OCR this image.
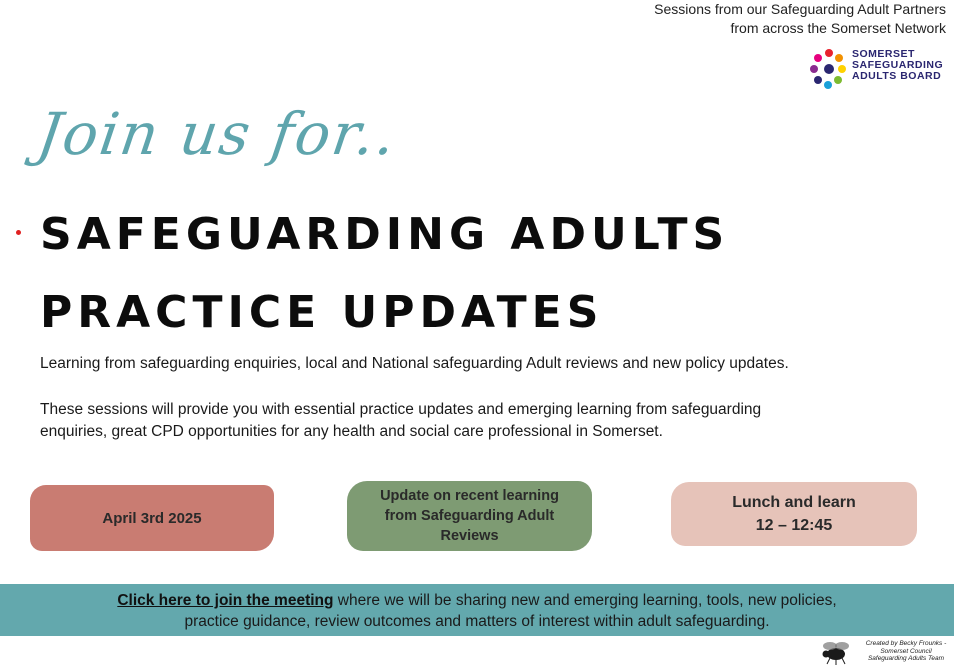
Sessions from our Safeguarding Adult Partners
from across the Somerset Network
SOMERSET
SAFEGUARDING
ADULTS BOARD
Join us for..
SAFEGUARDING ADULTS
PRACTICE UPDATES
Learning from safeguarding enquiries, local and National safeguarding Adult reviews and new policy updates.
These sessions will provide you with essential practice updates and emerging learning from safeguarding
enquiries, great CPD opportunities for any health and social care professional in Somerset.
April 3rd 2025
Update on recent learning
from Safeguarding Adult
Reviews
Lunch and learn
12 – 12:45
Click here to join the meeting where we will be sharing new and emerging learning, tools, new policies,
practice guidance, review outcomes and matters of interest within adult safeguarding.
Created by Becky Frounks -
Somerset Council
Safeguarding Adults Team
